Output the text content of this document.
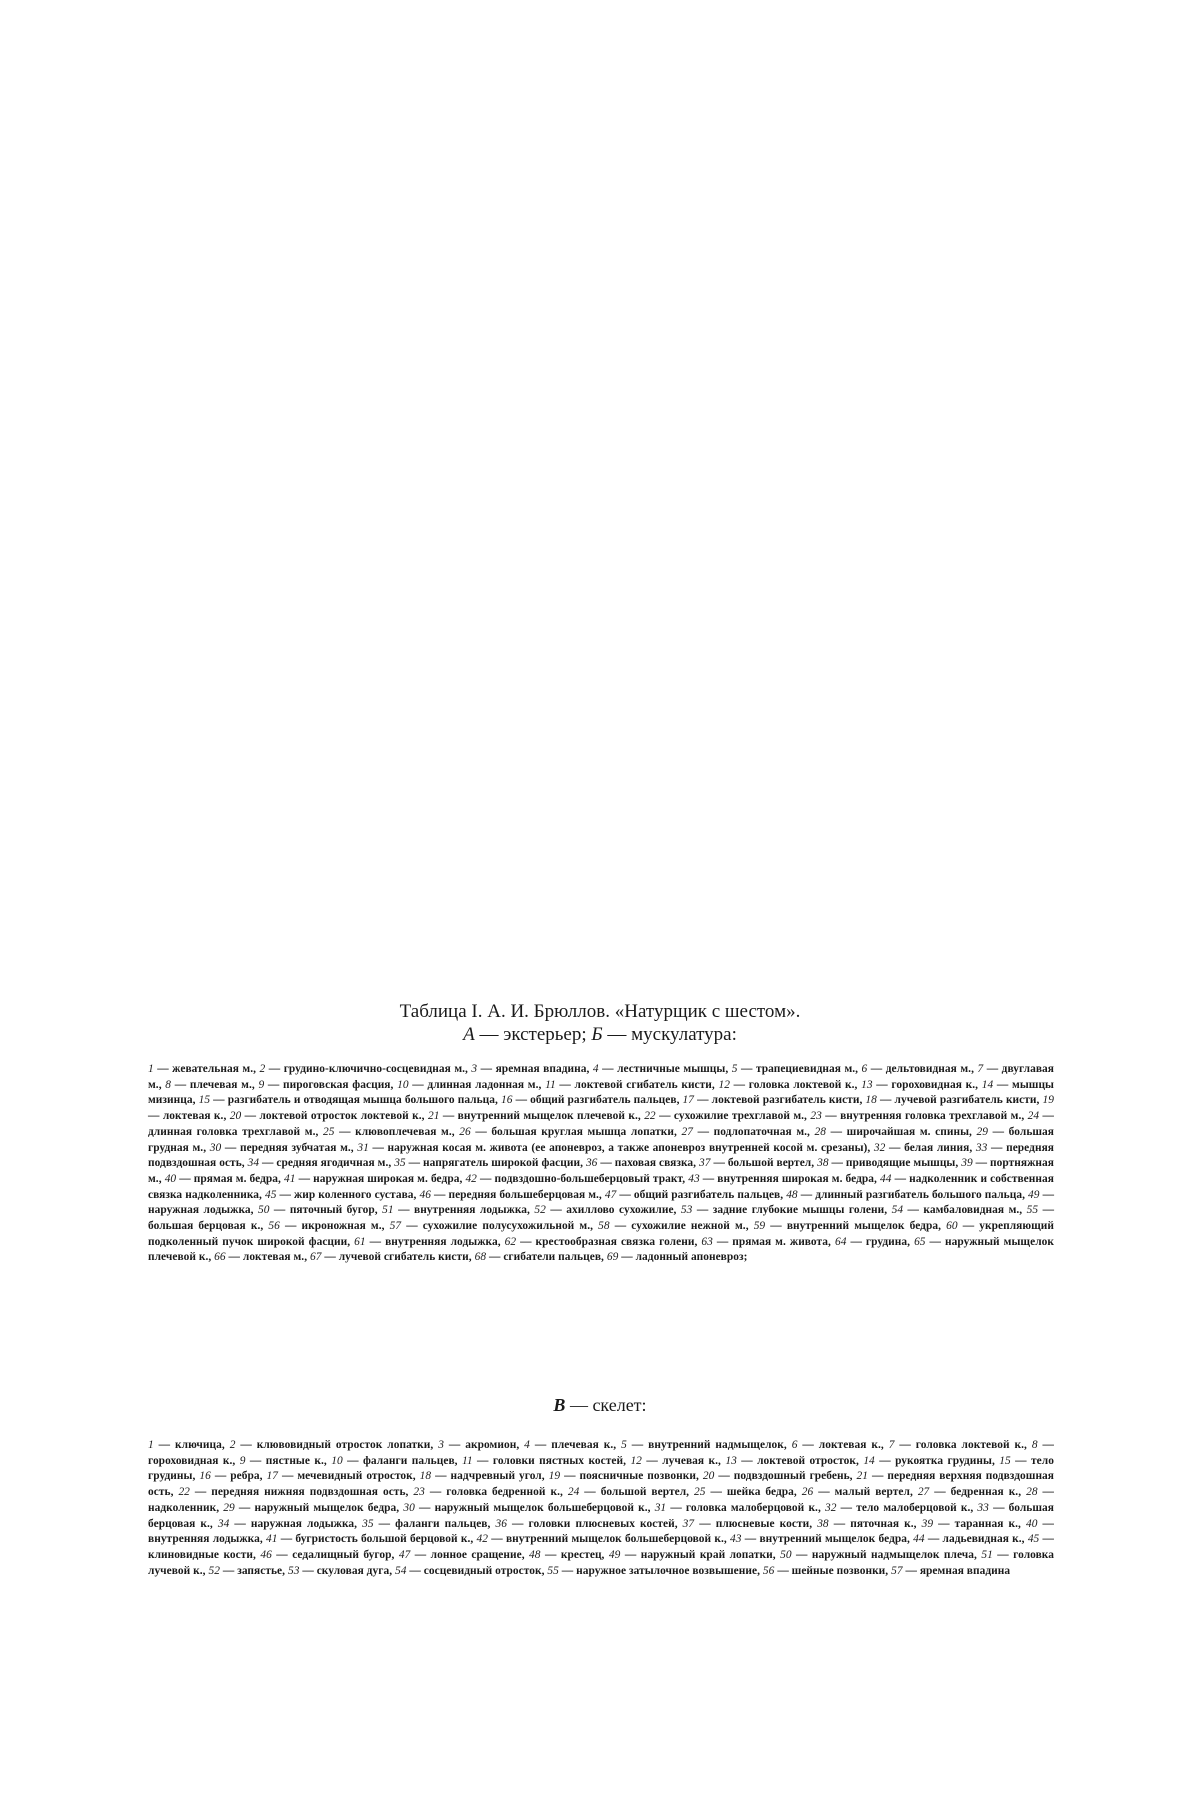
Таблица I. А. И. Брюллов. «Натурщик с шестом».
А — экстерьер; Б — мускулатура:
1 — жевательная м., 2 — грудино-ключично-сосцевидная м., 3 — яремная впадина, 4 — лестничные мышцы, 5 — трапециевидная м., 6 — дельтовидная м., 7 — двуглавая м., 8 — плечевая м., 9 — пироговская фасция, 10 — длинная ладонная м., 11 — локтевой сгибатель кисти, 12 — головка локтевой к., 13 — гороховидная к., 14 — мышцы мизинца, 15 — разгибатель и отводящая мышца большого пальца, 16 — общий разгибатель пальцев, 17 — локтевой разгибатель кисти, 18 — лучевой разгибатель кисти, 19 — локтевая к., 20 — локтевой отросток локтевой к., 21 — внутренний мыщелок плечевой к., 22 — сухожилие трехглавой м., 23 — внутренняя головка трехглавой м., 24 — длинная головка трехглавой м., 25 — клювоплечевая м., 26 — большая круглая мышца лопатки, 27 — подлопаточная м., 28 — широчайшая м. спины, 29 — большая грудная м., 30 — передняя зубчатая м., 31 — наружная косая м. живота (ее апоневроз, а также апоневроз внутренней косой м. срезаны), 32 — белая линия, 33 — передняя подвздошная ость, 34 — средняя ягодичная м., 35 — напрягатель широкой фасции, 36 — паховая связка, 37 — большой вертел, 38 — приводящие мышцы, 39 — портняжная м., 40 — прямая м. бедра, 41 — наружная широкая м. бедра, 42 — подвздошно-большеберцовый тракт, 43 — внутренняя широкая м. бедра, 44 — надколенник и собственная связка надколенника, 45 — жир коленного сустава, 46 — передняя большеберцовая м., 47 — общий разгибатель пальцев, 48 — длинный разгибатель большого пальца, 49 — наружная лодыжка, 50 — пяточный бугор, 51 — внутренняя лодыжка, 52 — ахиллово сухожилие, 53 — задние глубокие мышцы голени, 54 — камбаловидная м., 55 — большая берцовая к., 56 — икроножная м., 57 — сухожилие полусухожильной м., 58 — сухожилие нежной м., 59 — внутренний мыщелок бедра, 60 — укрепляющий подколенный пучок широкой фасции, 61 — внутренняя лодыжка, 62 — крестообразная связка голени, 63 — прямая м. живота, 64 — грудина, 65 — наружный мыщелок плечевой к., 66 — локтевая м., 67 — лучевой сгибатель кисти, 68 — сгибатели пальцев, 69 — ладонный апоневроз;
В — скелет:
1 — ключица, 2 — клювовидный отросток лопатки, 3 — акромион, 4 — плечевая к., 5 — внутренний надмыщелок, 6 — локтевая к., 7 — головка локтевой к., 8 — гороховидная к., 9 — пястные к., 10 — фаланги пальцев, 11 — головки пястных костей, 12 — лучевая к., 13 — локтевой отросток, 14 — рукоятка грудины, 15 — тело грудины, 16 — ребра, 17 — мечевидный отросток, 18 — надчревный угол, 19 — поясничные позвонки, 20 — подвздошный гребень, 21 — передняя верхняя подвздошная ость, 22 — передняя нижняя подвздошная ость, 23 — головка бедренной к., 24 — большой вертел, 25 — шейка бедра, 26 — малый вертел, 27 — бедренная к., 28 — надколенник, 29 — наружный мыщелок бедра, 30 — наружный мыщелок большеберцовой к., 31 — головка малоберцовой к., 32 — тело малоберцовой к., 33 — большая берцовая к., 34 — наружная лодыжка, 35 — фаланги пальцев, 36 — головки плюсневых костей, 37 — плюсневые кости, 38 — пяточная к., 39 — таранная к., 40 — внутренняя лодыжка, 41 — бугристость большой берцовой к., 42 — внутренний мыщелок большеберцовой к., 43 — внутренний мыщелок бедра, 44 — ладьевидная к., 45 — клиновидные кости, 46 — седалищный бугор, 47 — лонное сращение, 48 — крестец, 49 — наружный край лопатки, 50 — наружный надмыщелок плеча, 51 — головка лучевой к., 52 — запястье, 53 — скуловая дуга, 54 — сосцевидный отросток, 55 — наружное затылочное возвышение, 56 — шейные позвонки, 57 — яремная впадина
